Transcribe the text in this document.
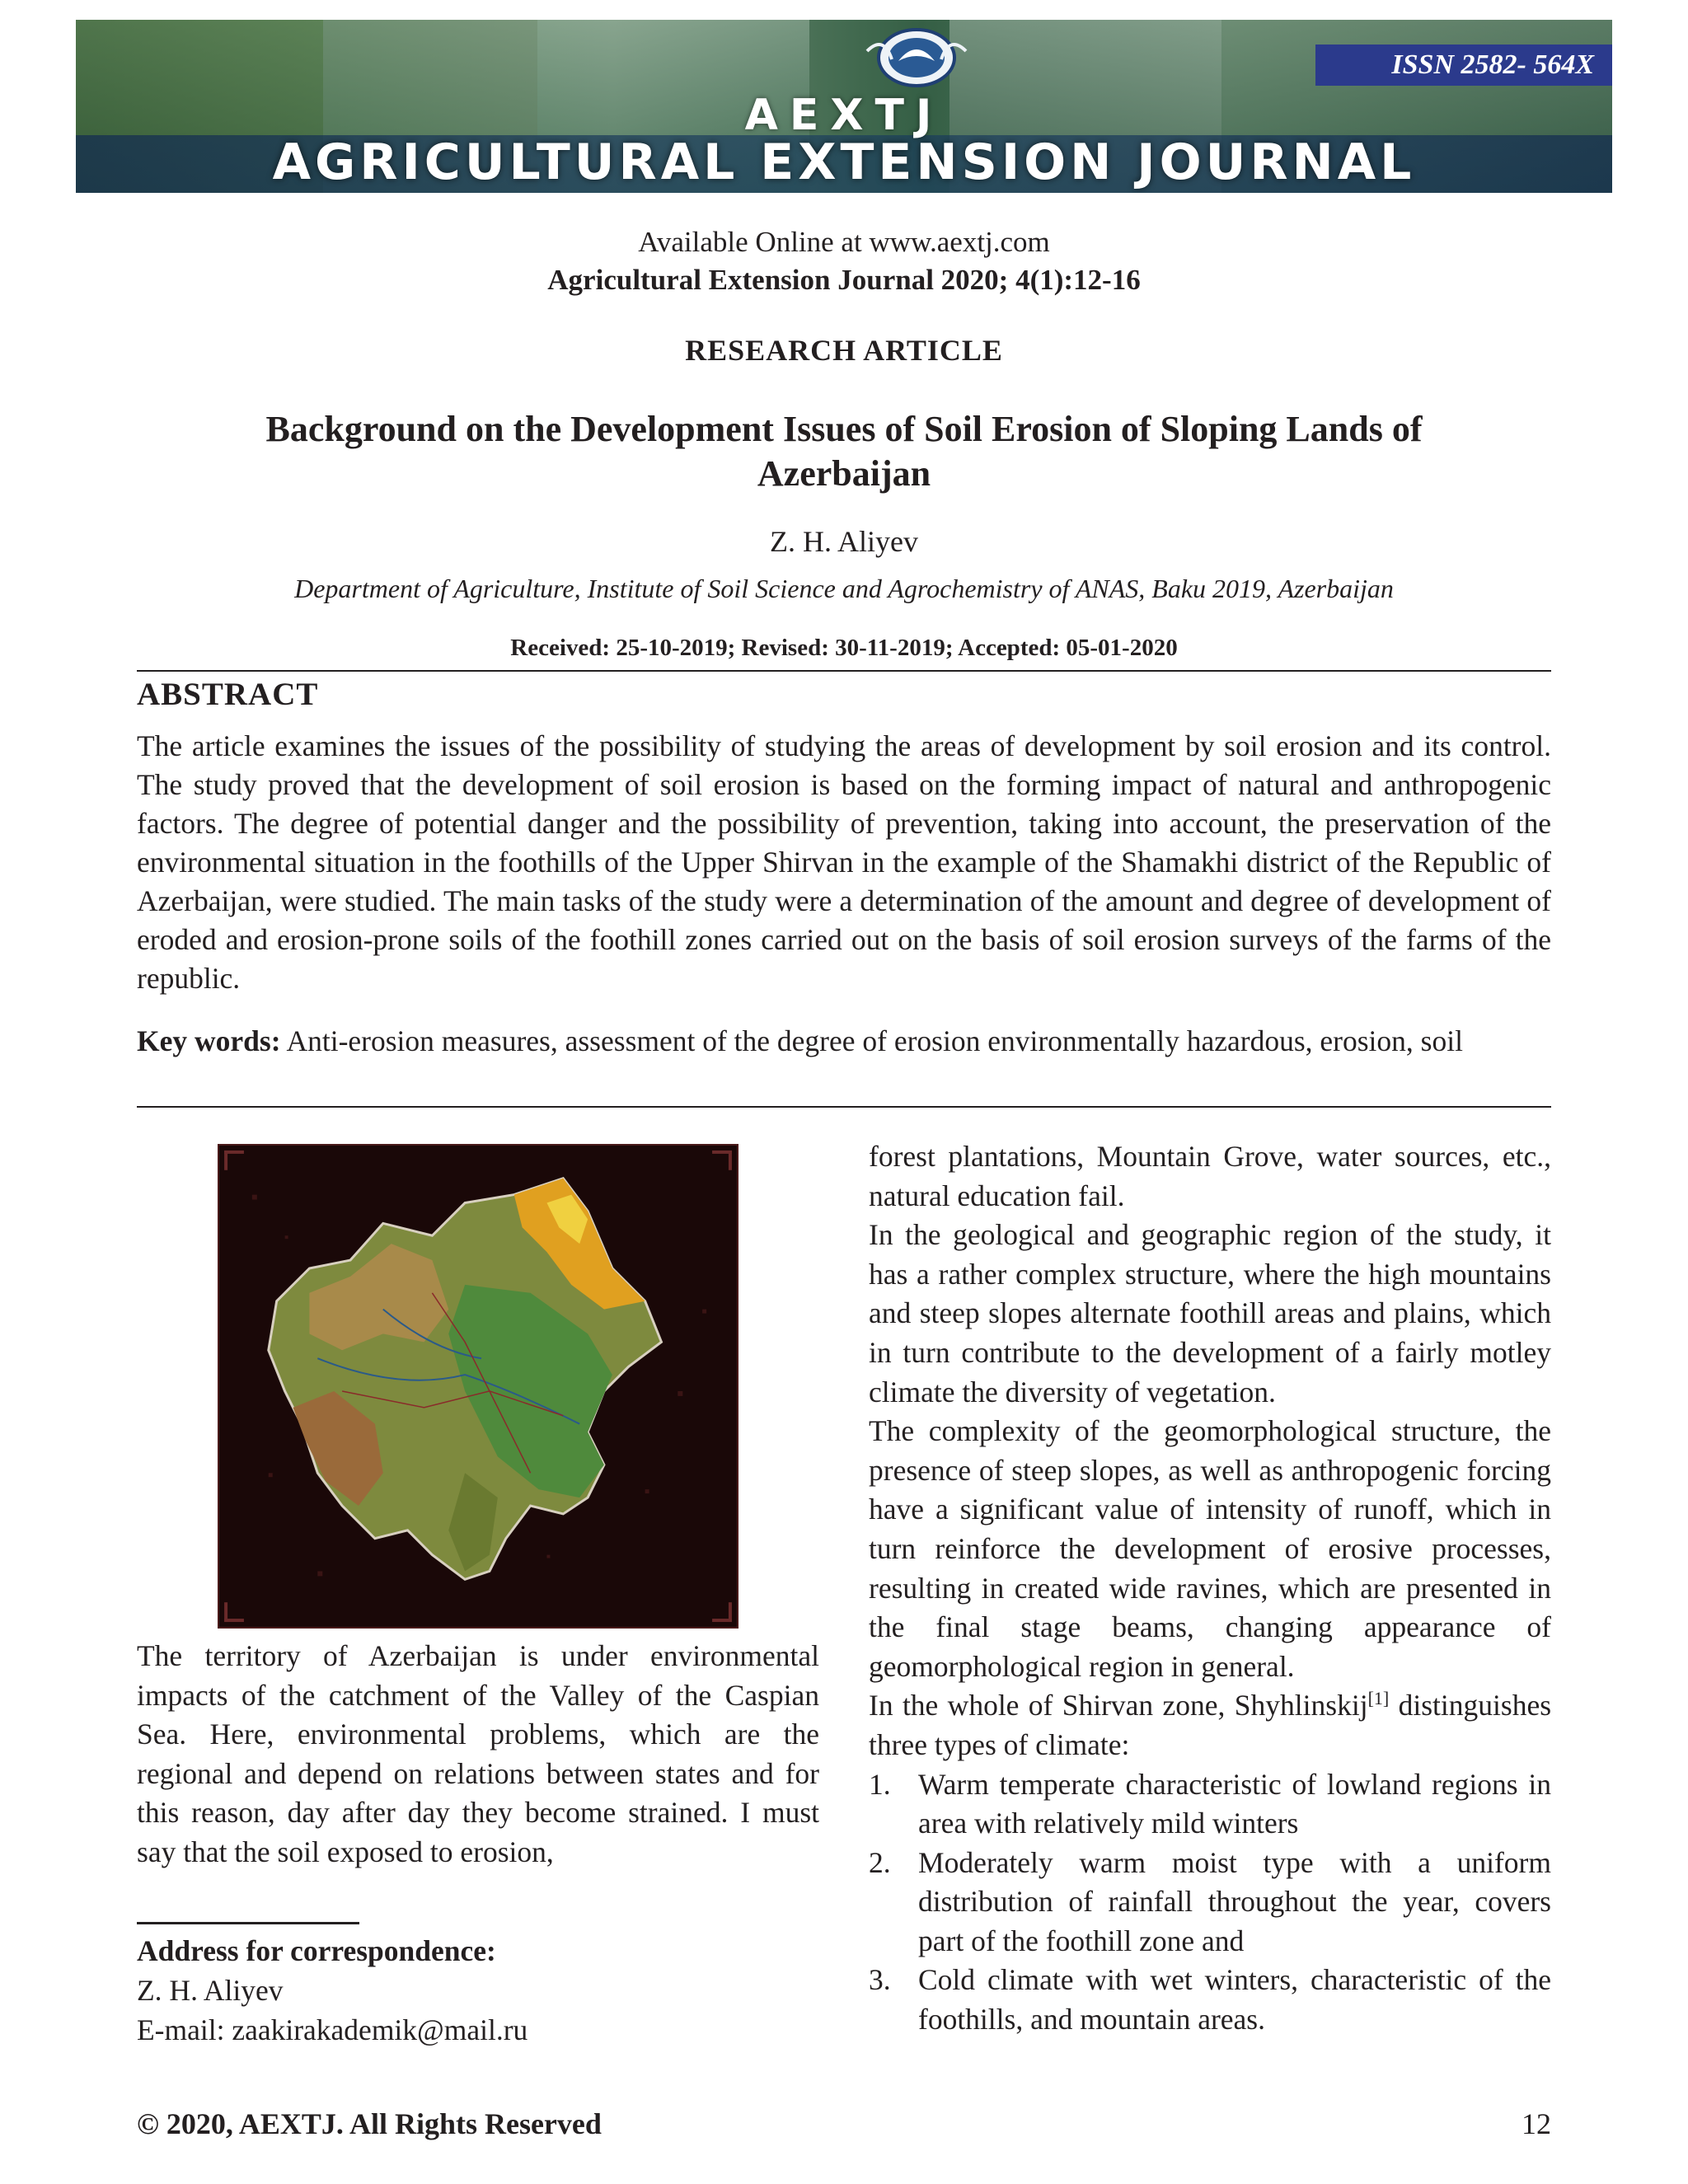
AEXTJ
AGRICULTURAL EXTENSION JOURNAL
ISSN 2582- 564X
Available Online at www.aextj.com
Agricultural Extension Journal 2020; 4(1):12-16
RESEARCH ARTICLE
Background on the Development Issues of Soil Erosion of Sloping Lands of Azerbaijan
Z. H. Aliyev
Department of Agriculture, Institute of Soil Science and Agrochemistry of ANAS, Baku 2019, Azerbaijan
Received: 25-10-2019; Revised: 30-11-2019; Accepted: 05-01-2020
ABSTRACT
The article examines the issues of the possibility of studying the areas of development by soil erosion and its control. The study proved that the development of soil erosion is based on the forming impact of natural and anthropogenic factors. The degree of potential danger and the possibility of prevention, taking into account, the preservation of the environmental situation in the foothills of the Upper Shirvan in the example of the Shamakhi district of the Republic of Azerbaijan, were studied. The main tasks of the study were a determination of the amount and degree of development of eroded and erosion-prone soils of the foothill zones carried out on the basis of soil erosion surveys of the farms of the republic.
Key words: Anti-erosion measures, assessment of the degree of erosion environmentally hazardous, erosion, soil
The territory of Azerbaijan is under environmental impacts of the catchment of the Valley of the Caspian Sea. Here, environmental problems, which are the regional and depend on relations between states and for this reason, day after day they become strained. I must say that the soil exposed to erosion,
Address for correspondence:
Z. H. Aliyev
E-mail: zaakirakademik@mail.ru

forest plantations, Mountain Grove, water sources, etc., natural education fail.

In the geological and geographic region of the study, it has a rather complex structure, where the high mountains and steep slopes alternate foothill areas and plains, which in turn contribute to the development of a fairly motley climate the diversity of vegetation.

The complexity of the geomorphological structure, the presence of steep slopes, as well as anthropogenic forcing have a significant value of intensity of runoff, which in turn reinforce the development of erosive processes, resulting in created wide ravines, which are presented in the final stage beams, changing appearance of geomorphological region in general.

In the whole of Shirvan zone, Shyhlinskij[1] distinguishes three types of climate:

1. Warm temperate characteristic of lowland regions in area with relatively mild winters
2. Moderately warm moist type with a uniform distribution of rainfall throughout the year, covers part of the foothill zone and
3. Cold climate with wet winters, characteristic of the foothills, and mountain areas.
© 2020, AEXTJ. All Rights Reserved	12
